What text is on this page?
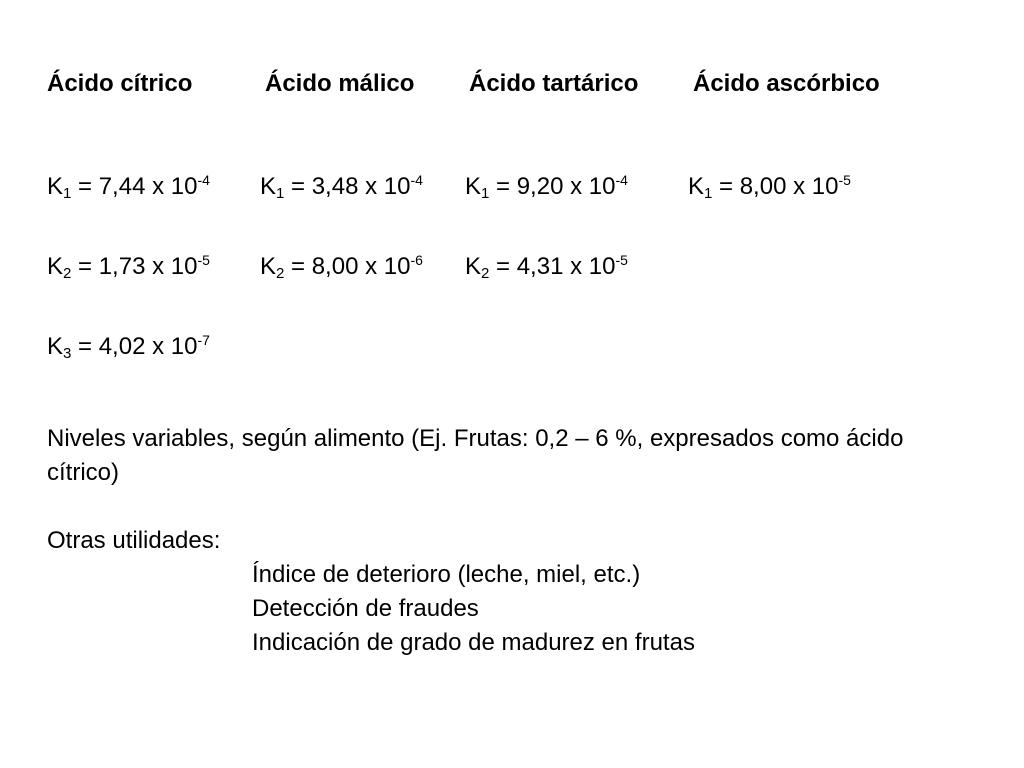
Ácido cítrico	Ácido málico Ácido tartárico Ácido ascórbico
$K_1 = 7,44$ x $10^{-4}$ $K_1 = 3,48$ x $10^{-4}$ $K_1 = 9,20$ x $10^{-4}$	$K_1 = 8,00$ x $10^{-5}$
$K_2 = 1,73$ x $10^{-5}$ $K_2 = 8,00$ x $10^{-6}$ $K_2 = 4,31$ x $10^{-5}$
$K_3 = 4,02$ x $10^{-7}$
Niveles variables, según alimento (Ej. Frutas: 0,2 – 6 %, expresados como ácido
cítrico)
Otras utilidades:
Índice de deterioro (leche, miel, etc.)
Detección de fraudes
Indicación de grado de madurez en frutas
